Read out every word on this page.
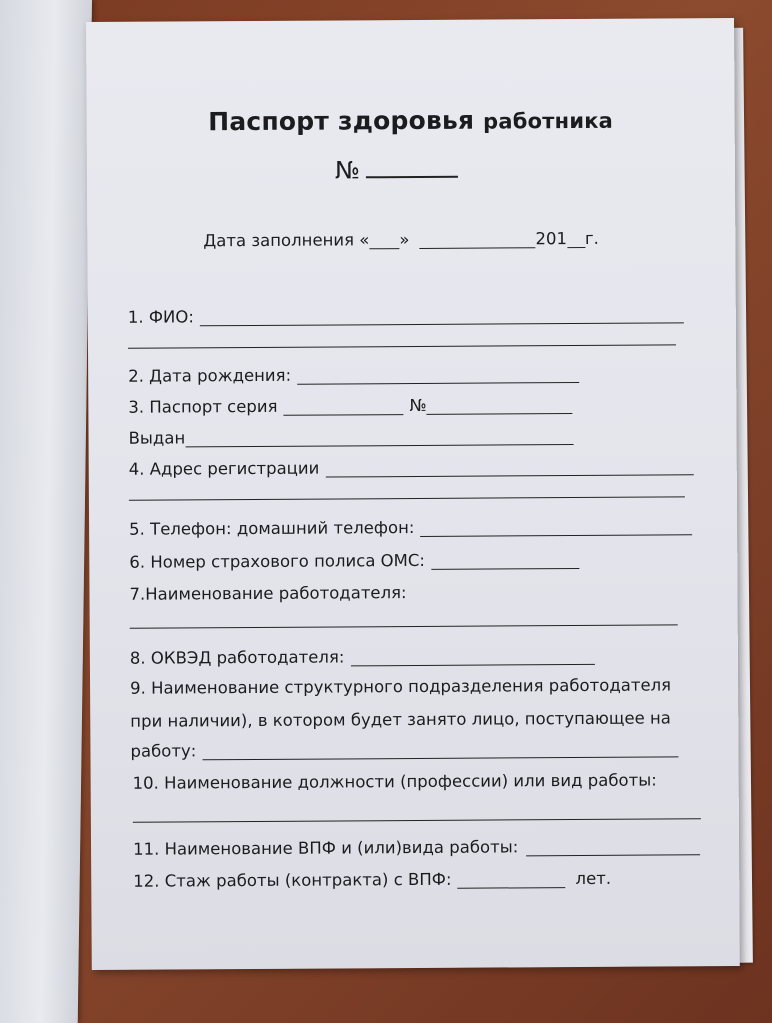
Паспорт здоровья работника
№
Дата заполнения « »	201 г.
1. ФИО:
2. Дата рождения:
3. Паспорт серия	№
Выдан
4. Адрес регистрации
5. Телефон: домашний телефон:
6. Номер страхового полиса ОМС:
7.Наименование работодателя:
8. ОКВЭД работодателя:
9. Наименование структурного подразделения работодателя
при наличии), в котором будет занято лицо, поступающее на
работу:
10. Наименование должности (профессии) или вид работы:
11. Наименование ВПФ и (или)вида работы:
12. Стаж работы (контракта) с ВПФ:	лет.
